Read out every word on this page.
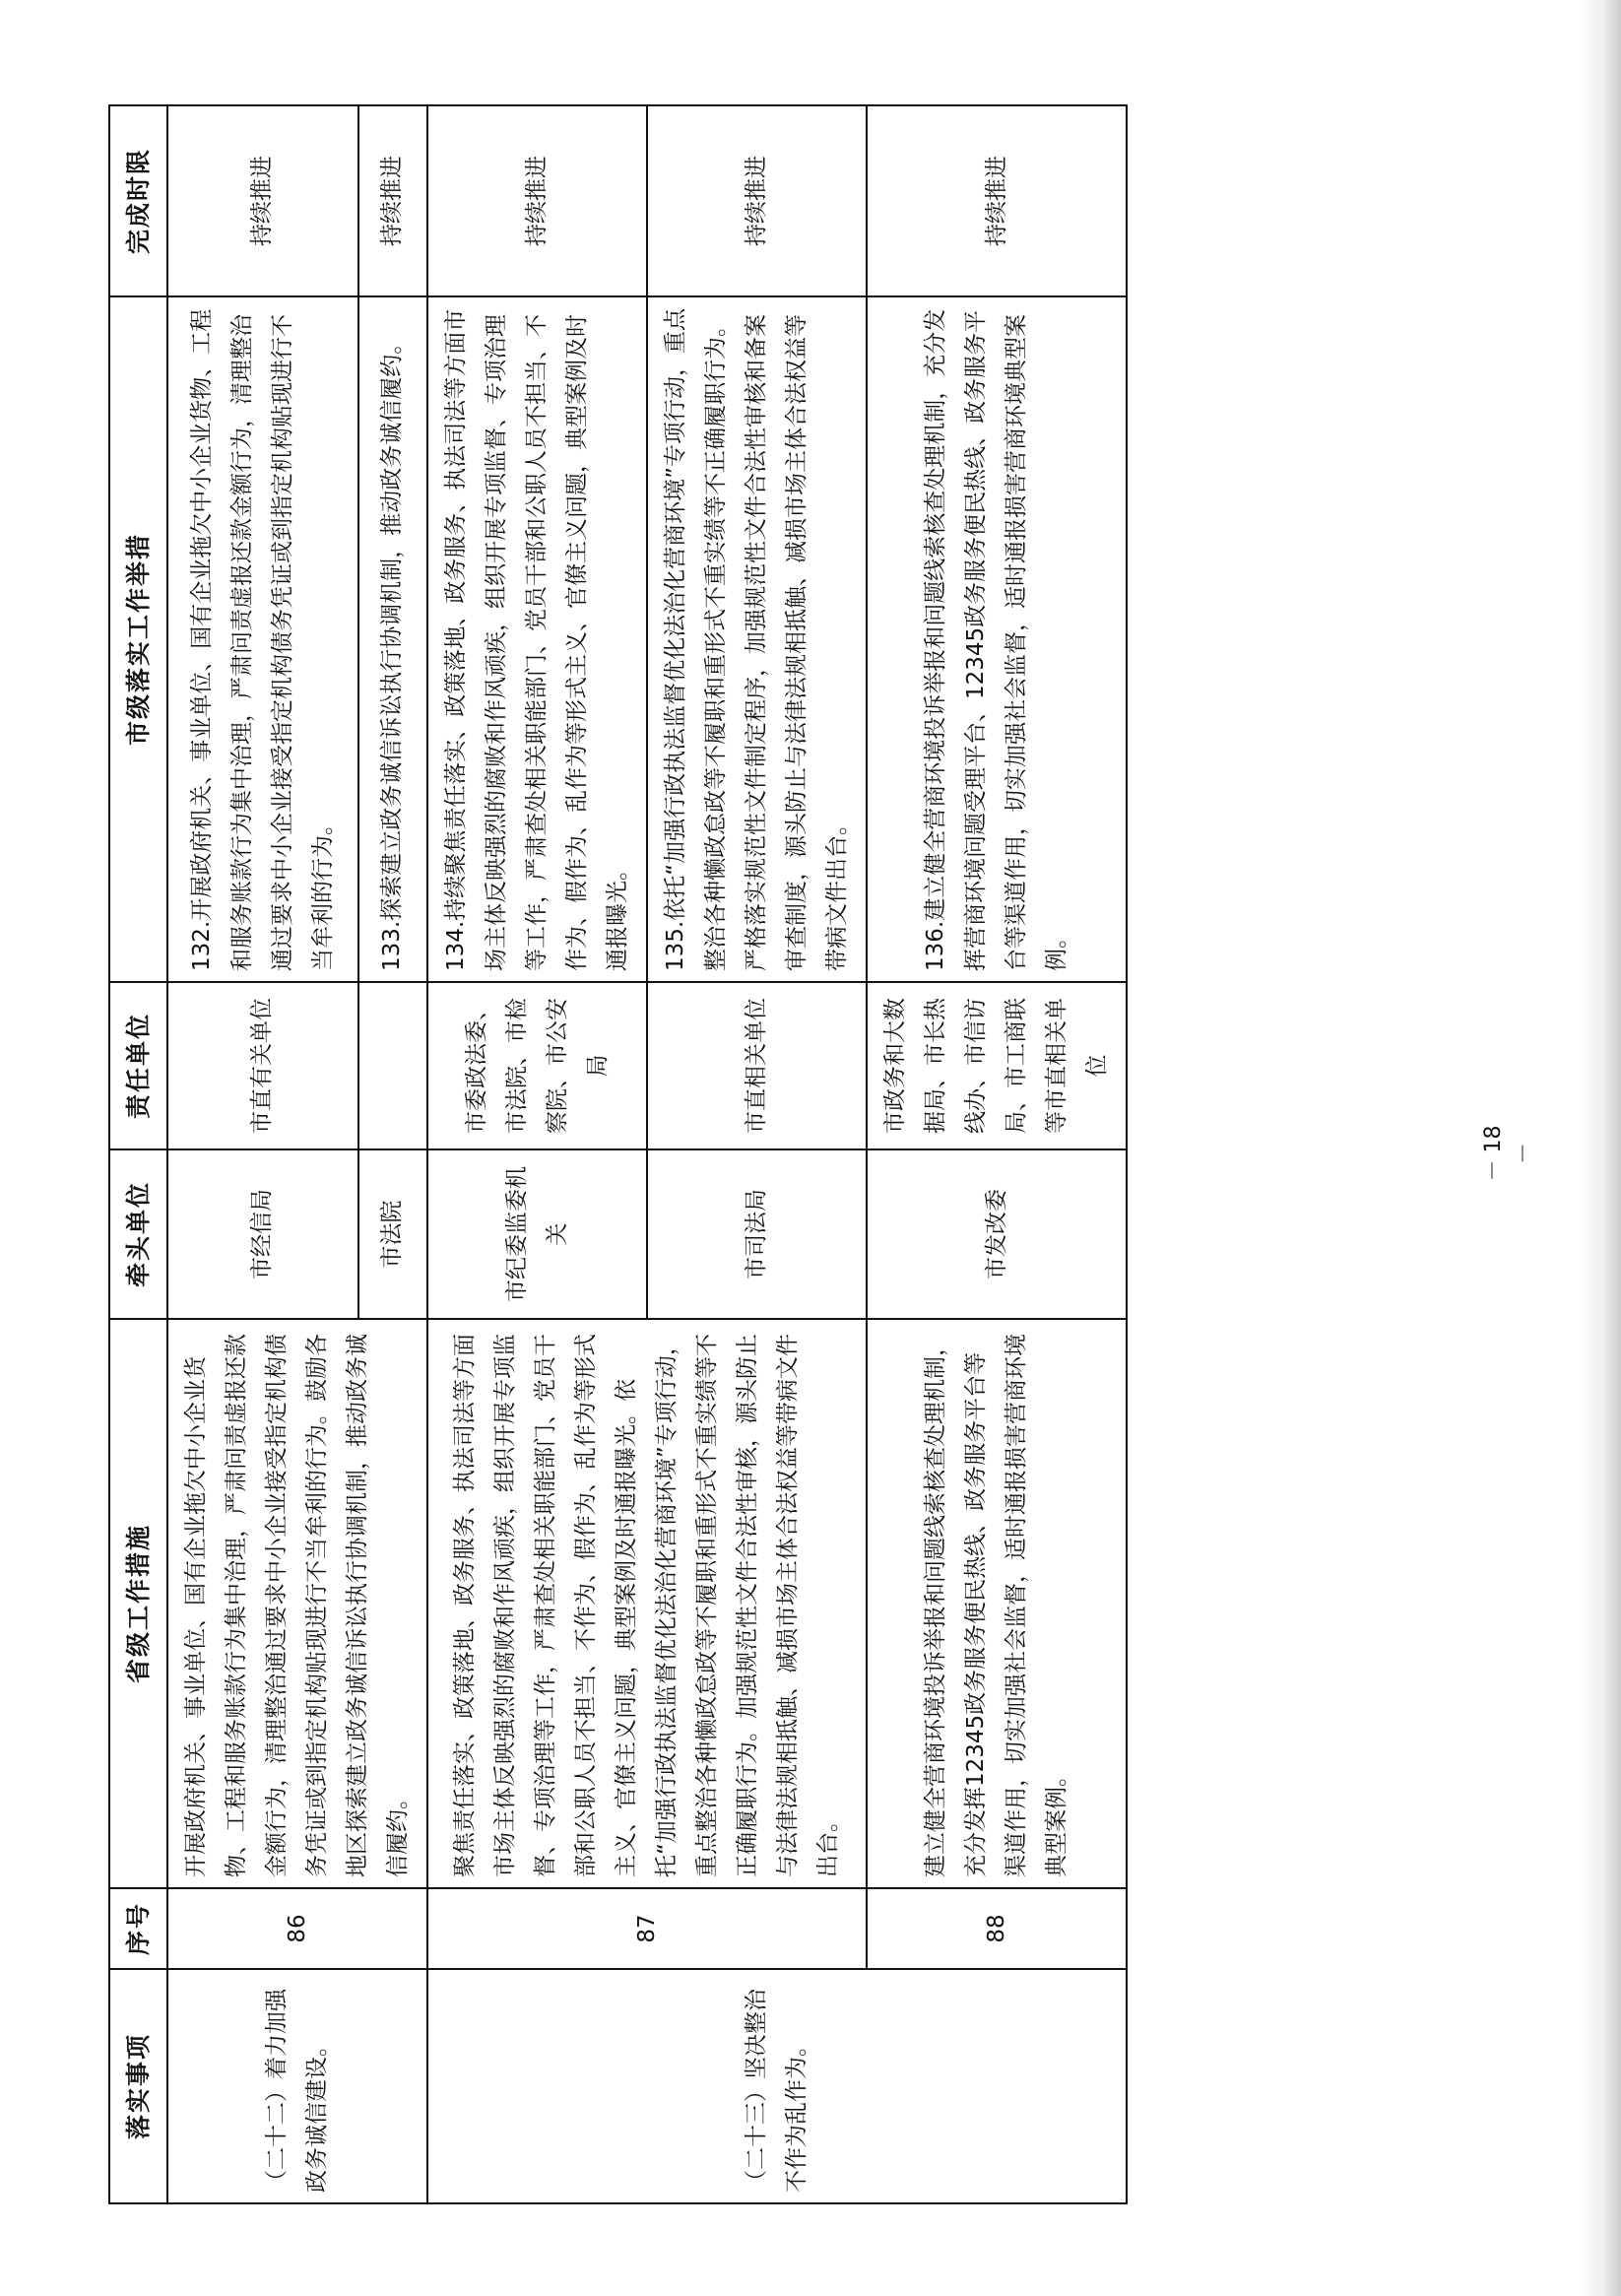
落实事项	序号	省级工作措施	牵头单位	责任单位	市级落实工作举措	完成时限
（二十二）着力加强政务诚信建设。	86	开展政府机关、事业单位、国有企业拖欠中小企业货物、工程和服务账款行为集中治理，严肃问责虚报还款金额行为，清理整治通过要求中小企业接受指定机构债务凭证或到指定机构贴现进行不当牟利的行为。鼓励各地区探索建立政务诚信诉讼执行协调机制，推动政务诚信履约。	市经信局	市直有关单位	132.开展政府机关、事业单位、国有企业拖欠中小企业货物、工程和服务账款行为集中治理，严肃问责虚报还款金额行为，清理整治通过要求中小企业接受指定机构债务凭证或到指定机构贴现进行不当牟利的行为。	持续推进
			市法院		133.探索建立政务诚信诉讼执行协调机制，推动政务诚信履约。	持续推进
（二十三）坚决整治不作为乱作为。	87	聚焦责任落实、政策落地、政务服务、执法司法等方面市场主体反映强烈的腐败和作风顽疾，组织开展专项监督、专项治理等工作，严肃查处相关职能部门、党员干部和公职人员不担当、不作为、假作为、乱作为等形式主义、官僚主义问题，典型案例及时通报曝光。依托“加强行政执法监督优化法治化营商环境”专项行动，重点整治各种懒政怠政等不履职和重形式不重实绩等不正确履职行为。加强规范性文件合法性审核，源头防止与法律法规相抵触、减损市场主体合法权益等带病文件出台。	市纪委监委机关	市委政法委、市法院、市检察院、市公安局	134.持续聚焦责任落实、政策落地、政务服务、执法司法等方面市场主体反映强烈的腐败和作风顽疾，组织开展专项监督、专项治理等工作，严肃查处相关职能部门、党员干部和公职人员不担当、不作为、假作为、乱作为等形式主义、官僚主义问题，典型案例及时通报曝光。	持续推进
			市司法局	市直相关单位	135.依托“加强行政执法监督优化法治化营商环境”专项行动，重点整治各种懒政怠政等不履职和重形式不重实绩等不正确履职行为。严格落实规范性文件制定程序，加强规范性文件合法性审核和备案审查制度，源头防止与法律法规相抵触、减损市场主体合法权益等带病文件出台。	持续推进
	88	建立健全营商环境投诉举报和问题线索核查处理机制，充分发挥12345政务服务便民热线、政务服务平台等渠道作用，切实加强社会监督，适时通报损害营商环境典型案例。	市发改委	市政务和大数据局、市长热线办、市信访局、市工商联等市直相关单位	136.建立健全营商环境投诉举报和问题线索核查处理机制，充分发挥营商环境问题受理平台、12345政务服务便民热线、政务服务平台等渠道作用，切实加强社会监督，适时通报损害营商环境典型案例。	持续推进
－ 18 －
